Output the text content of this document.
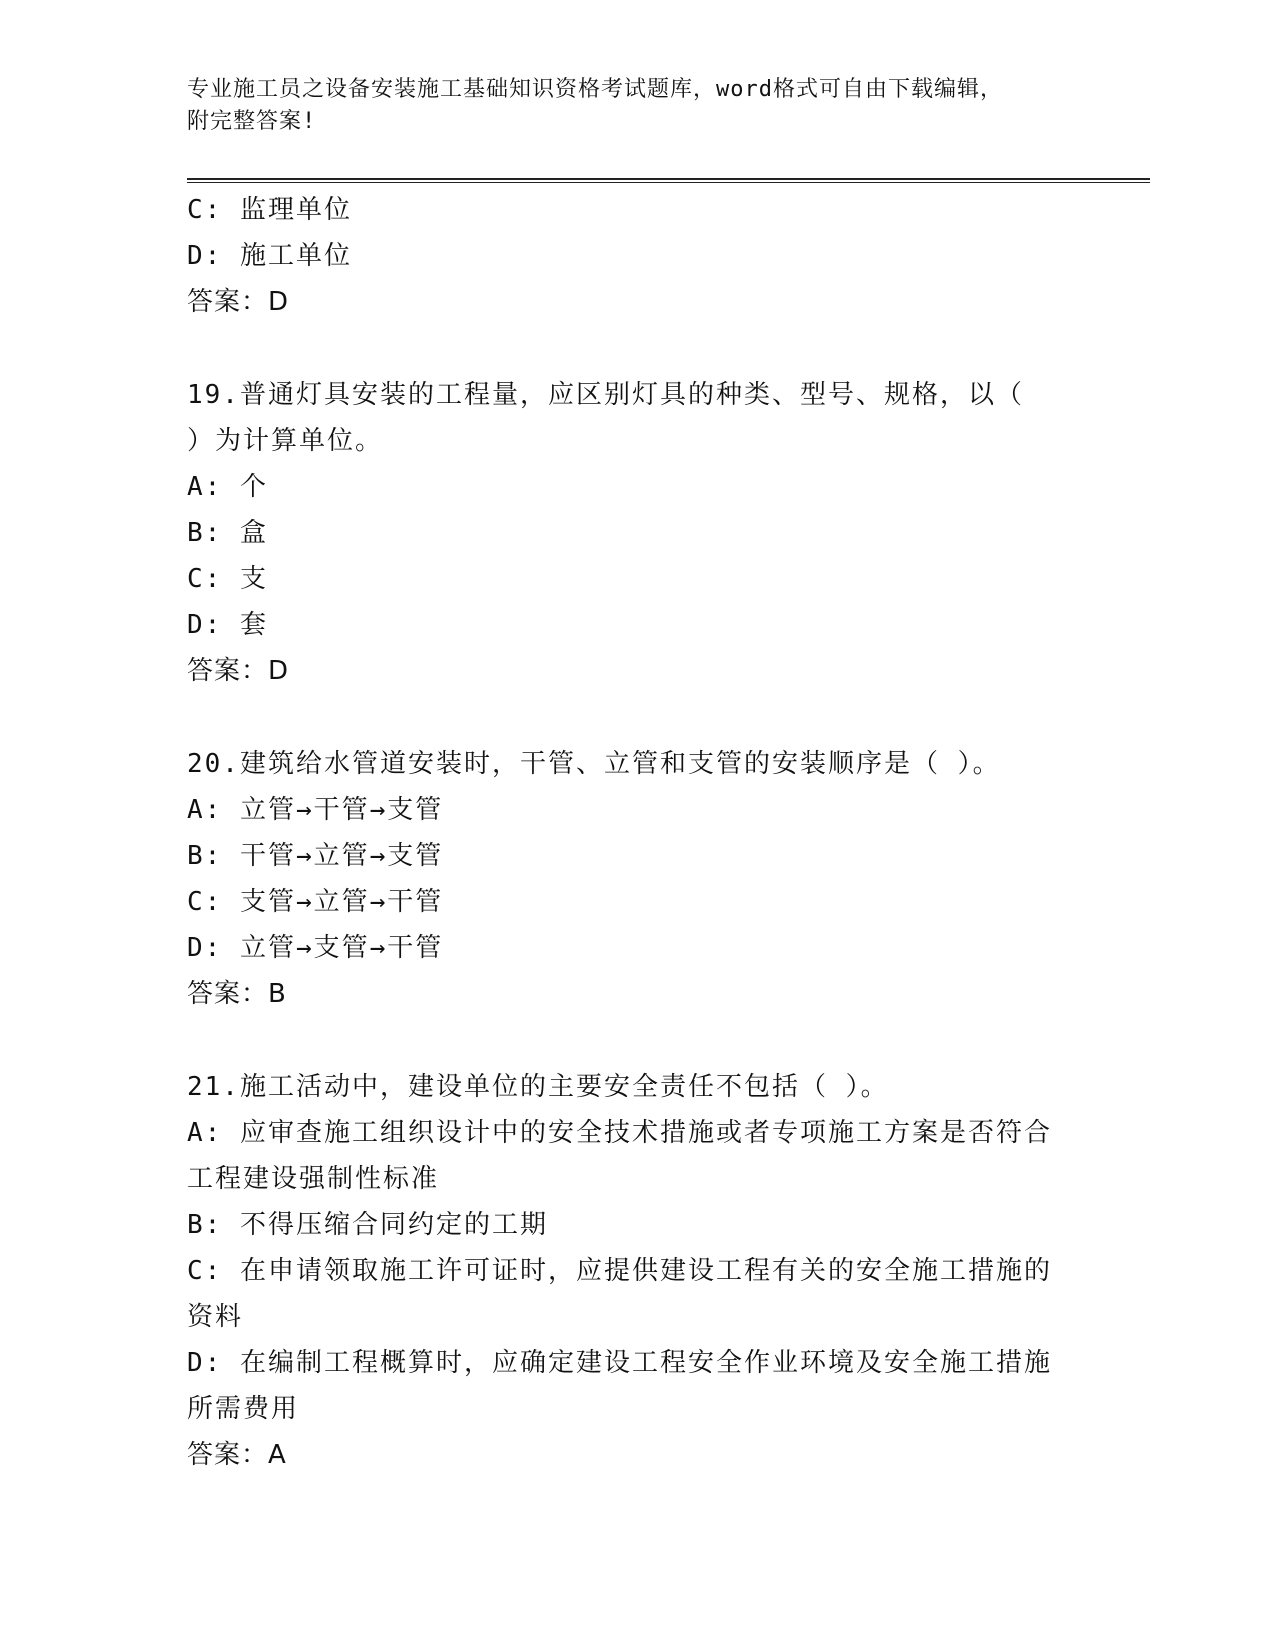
专业施工员之设备安装施工基础知识资格考试题库，word格式可自由下载编辑，
附完整答案!
C: 监理单位
D: 施工单位
答案：D
19.普通灯具安装的工程量，应区别灯具的种类、型号、规格，以（
）为计算单位。
A: 个
B: 盒
C: 支
D: 套
答案：D
20.建筑给水管道安装时，干管、立管和支管的安装顺序是（ ）。
A: 立管→干管→支管
B: 干管→立管→支管
C: 支管→立管→干管
D: 立管→支管→干管
答案：B
21.施工活动中，建设单位的主要安全责任不包括（ ）。
A: 应审查施工组织设计中的安全技术措施或者专项施工方案是否符合工程建设强制性标准
B: 不得压缩合同约定的工期
C: 在申请领取施工许可证时，应提供建设工程有关的安全施工措施的资料
D: 在编制工程概算时，应确定建设工程安全作业环境及安全施工措施所需费用
答案：A
